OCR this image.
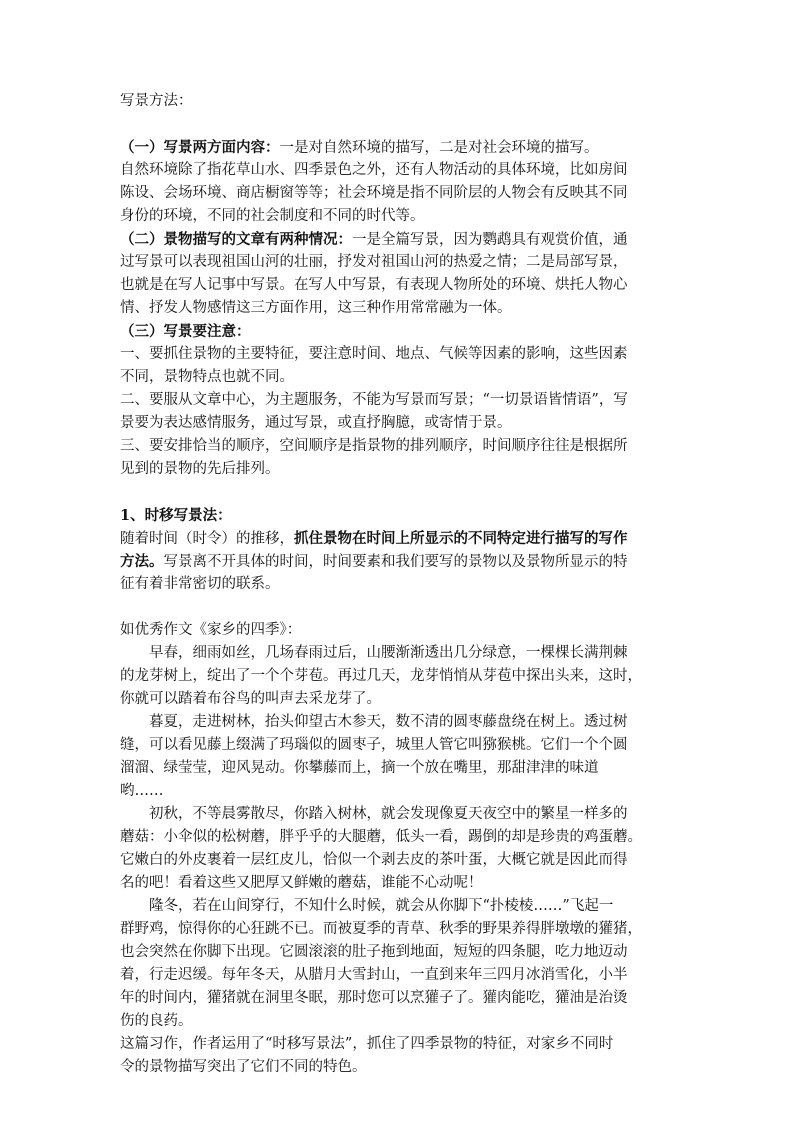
写景方法：
（一）写景两方面内容：一是对自然环境的描写，二是对社会环境的描写。
自然环境除了指花草山水、四季景色之外，还有人物活动的具体环境，比如房间
陈设、会场环境、商店橱窗等等；社会环境是指不同阶层的人物会有反映其不同
身份的环境，不同的社会制度和不同的时代等。
（二）景物描写的文章有两种情况：一是全篇写景，因为鹦鹉具有观赏价值，通
过写景可以表现祖国山河的壮丽，抒发对祖国山河的热爱之情；二是局部写景，
也就是在写人记事中写景。在写人中写景，有表现人物所处的环境、烘托人物心
情、抒发人物感情这三方面作用，这三种作用常常融为一体。
（三）写景要注意：
一、要抓住景物的主要特征，要注意时间、地点、气候等因素的影响，这些因素
不同，景物特点也就不同。
二、要服从文章中心，为主题服务，不能为写景而写景；“一切景语皆情语”，写
景要为表达感情服务，通过写景，或直抒胸臆，或寄情于景。
三、要安排恰当的顺序，空间顺序是指景物的排列顺序，时间顺序往往是根据所
见到的景物的先后排列。
1、时移写景法：
随着时间（时令）的推移，抓住景物在时间上所显示的不同特定进行描写的写作
方法。写景离不开具体的时间，时间要素和我们要写的景物以及景物所显示的特
征有着非常密切的联系。
如优秀作文《家乡的四季》：
早春，细雨如丝，几场春雨过后，山腰渐渐透出几分绿意，一棵棵长满荆棘
的龙芽树上，绽出了一个个芽苞。再过几天，龙芽悄悄从芽苞中探出头来，这时，
你就可以踏着布谷鸟的叫声去采龙芽了。
暮夏，走进树林，抬头仰望古木参天，数不清的圆枣藤盘绕在树上。透过树
缝，可以看见藤上缀满了玛瑙似的圆枣子，城里人管它叫猕猴桃。它们一个个圆
溜溜、绿莹莹，迎风晃动。你攀藤而上，摘一个放在嘴里，那甜津津的味道
哟……
初秋，不等晨雾散尽，你踏入树林，就会发现像夏天夜空中的繁星一样多的
蘑菇：小伞似的松树蘑，胖乎乎的大腿蘑，低头一看，踢倒的却是珍贵的鸡蛋蘑。
它嫩白的外皮裹着一层红皮儿，恰似一个剥去皮的茶叶蛋，大概它就是因此而得
名的吧！看着这些又肥厚又鲜嫩的蘑菇，谁能不心动呢！
隆冬，若在山间穿行，不知什么时候，就会从你脚下“扑棱棱……”飞起一
群野鸡，惊得你的心狂跳不已。而被夏季的青草、秋季的野果养得胖墩墩的獾猪，
也会突然在你脚下出现。它圆滚滚的肚子拖到地面，短短的四条腿，吃力地迈动
着，行走迟缓。每年冬天，从腊月大雪封山，一直到来年三四月冰消雪化，小半
年的时间内，獾猪就在洞里冬眠，那时您可以烹獾子了。獾肉能吃，獾油是治烫
伤的良药。
这篇习作，作者运用了“时移写景法”，抓住了四季景物的特征，对家乡不同时
令的景物描写突出了它们不同的特色。
